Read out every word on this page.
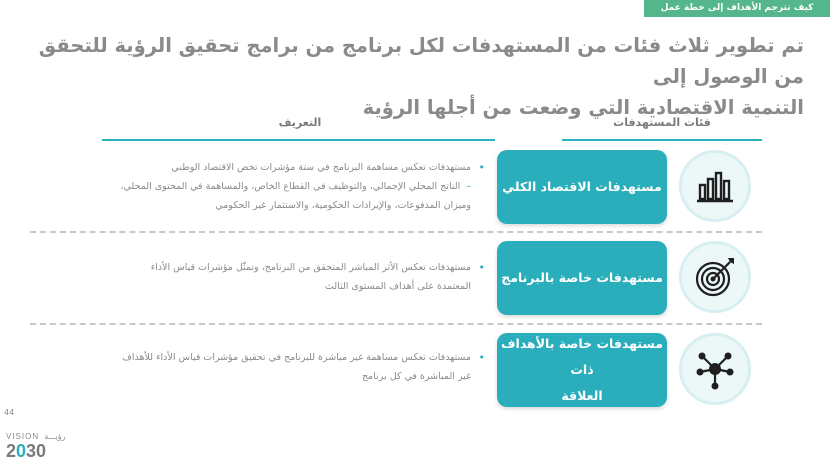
كيف نترجم الأهداف إلى خطة عمل استراتيجية
تم تطوير ثلاث فئات من المستهدفات لكل برنامج من برامج تحقيق الرؤية للتحقق من الوصول إلى
التنمية الاقتصادية التي وضعت من أجلها الرؤية
فئات المستهدفات
التعريف
مستهدفات الاقتصاد الكلي
• مستهدفات تعكس مساهمة البرنامج في ستة مؤشرات تخص الاقتصاد الوطني
–الناتج المحلي الإجمالي، والتوظيف في القطاع الخاص، والمساهمة في المحتوى المحلي،
وميزان المدفوعات، والإيرادات الحكومية، والاستثمار غير الحكومي
مستهدفات خاصة بالبرنامج
• مستهدفات تعكس الأثر المباشر المتحقق من البرنامج، وتمثّل مؤشرات قياس الأداء
المعتمدة على أهداف المستوى الثالث
مستهدفات خاصة بالأهداف ذات
العلاقة
• مستهدفات تعكس مساهمة غير مباشرة للبرنامج في تحقيق مؤشرات قياس الأداء للأهداف
غير المباشرة في كل برنامج
44
VISION رؤيـــة
2030
